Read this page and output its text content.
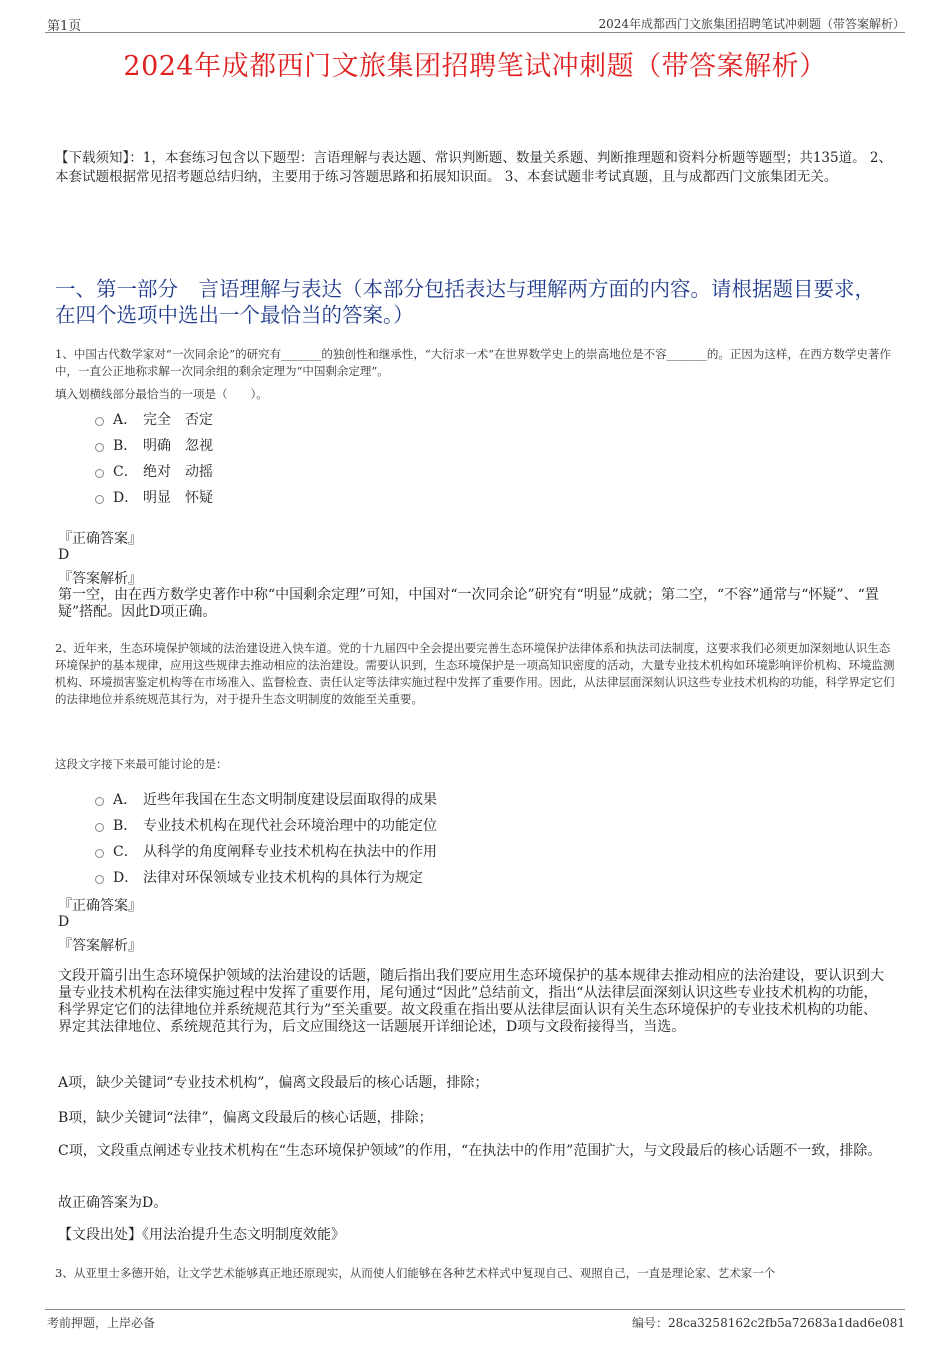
第1页	2024年成都西门文旅集团招聘笔试冲刺题（带答案解析）
2024年成都西门文旅集团招聘笔试冲刺题（带答案解析）
【下载须知】：1，本套练习包含以下题型：言语理解与表达题、常识判断题、数量关系题、判断推理题和资料分析题等题型；共135道。 2、本套试题根据常见招考题总结归纳，主要用于练习答题思路和拓展知识面。 3、本套试题非考试真题，且与成都西门文旅集团无关。
一、第一部分　言语理解与表达（本部分包括表达与理解两方面的内容。请根据题目要求，在四个选项中选出一个最恰当的答案。）
1、中国古代数学家对“一次同余论”的研究有_______的独创性和继承性，“大衍求一术”在世界数学史上的崇高地位是不容_______的。正因为这样，在西方数学史著作中，一直公正地称求解一次同余组的剩余定理为“中国剩余定理”。
填入划横线部分最恰当的一项是（　　）。
A． 完全　否定
B． 明确　忽视
C． 绝对　动摇
D． 明显　怀疑
『正确答案』
D
『答案解析』
第一空，由在西方数学史著作中称“中国剩余定理”可知，中国对“一次同余论”研究有“明显”成就；第二空，“不容”通常与“怀疑”、“置疑”搭配。因此D项正确。
2、近年来，生态环境保护领域的法治建设进入快车道。党的十九届四中全会提出要完善生态环境保护法律体系和执法司法制度，这要求我们必须更加深刻地认识生态环境保护的基本规律，应用这些规律去推动相应的法治建设。需要认识到，生态环境保护是一项高知识密度的活动，大量专业技术机构如环境影响评价机构、环境监测机构、环境损害鉴定机构等在市场准入、监督检查、责任认定等法律实施过程中发挥了重要作用。因此，从法律层面深刻认识这些专业技术机构的功能，科学界定它们的法律地位并系统规范其行为，对于提升生态文明制度的效能至关重要。
这段文字接下来最可能讨论的是：
A． 近些年我国在生态文明制度建设层面取得的成果
B． 专业技术机构在现代社会环境治理中的功能定位
C． 从科学的角度阐释专业技术机构在执法中的作用
D． 法律对环保领域专业技术机构的具体行为规定
『正确答案』
D
『答案解析』
文段开篇引出生态环境保护领域的法治建设的话题，随后指出我们要应用生态环境保护的基本规律去推动相应的法治建设，要认识到大量专业技术机构在法律实施过程中发挥了重要作用，尾句通过“因此”总结前文，指出“从法律层面深刻认识这些专业技术机构的功能，科学界定它们的法律地位并系统规范其行为”至关重要。故文段重在指出要从法律层面认识有关生态环境保护的专业技术机构的功能、界定其法律地位、系统规范其行为，后文应围绕这一话题展开详细论述，D项与文段衔接得当，当选。
A项，缺少关键词“专业技术机构”，偏离文段最后的核心话题，排除；
B项，缺少关键词“法律”，偏离文段最后的核心话题，排除；
C项，文段重点阐述专业技术机构在“生态环境保护领域”的作用，“在执法中的作用”范围扩大，与文段最后的核心话题不一致，排除。
故正确答案为D。
【文段出处】《用法治提升生态文明制度效能》
3、从亚里士多德开始，让文学艺术能够真正地还原现实，从而使人们能够在各种艺术样式中复现自己、观照自己，一直是理论家、艺术家一个
考前押题，上岸必备	编号：28ca3258162c2fb5a72683a1dad6e081
